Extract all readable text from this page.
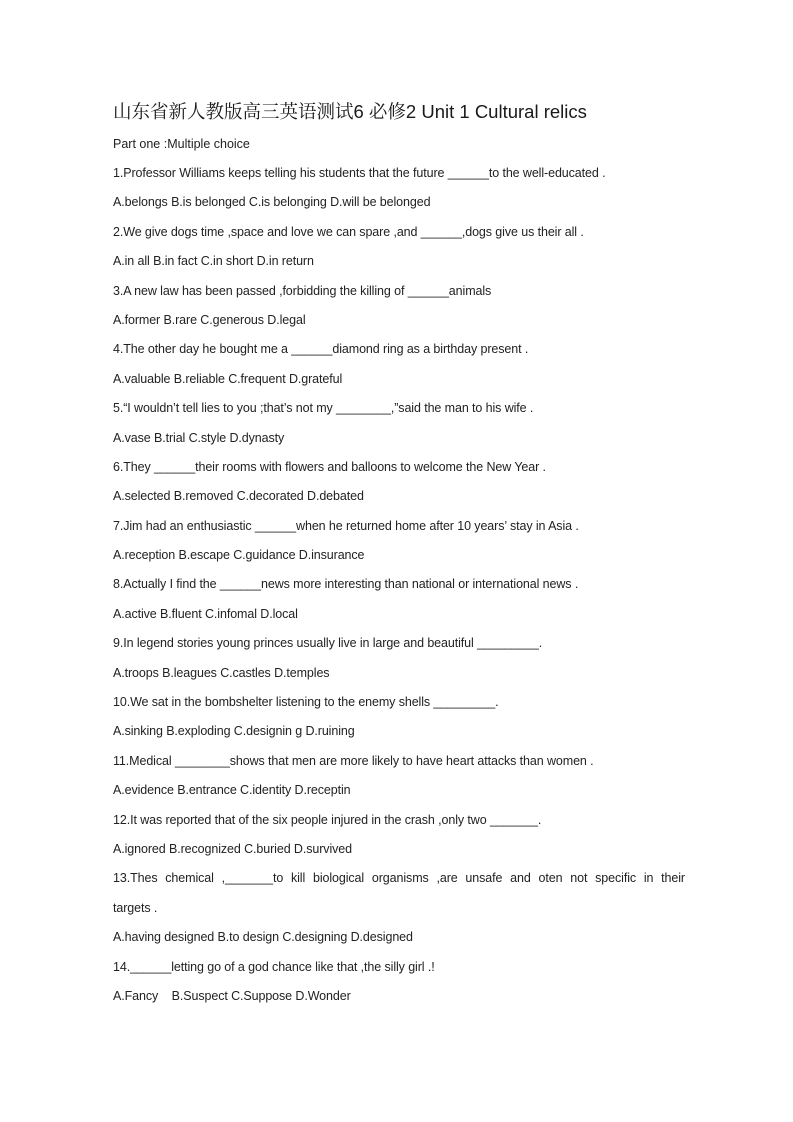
山东省新人教版高三英语测试6 必修2 Unit 1 Cultural relics
Part one :Multiple choice
1.Professor Williams keeps telling his students that the future ______to the well-educated .
A.belongs B.is belonged C.is belonging D.will be belonged
2.We give dogs time ,space and love we can spare ,and ______,dogs give us their all .
A.in all B.in fact C.in short D.in return
3.A new law has been passed ,forbidding the killing of ______animals
A.former B.rare C.generous D.legal
4.The other day he bought me a ______diamond ring as a birthday present .
A.valuable B.reliable C.frequent D.grateful
5.“I wouldn’t tell lies to you ;that’s not my ________,”said the man to his wife .
A.vase B.trial C.style D.dynasty
6.They ______their rooms with flowers and balloons to welcome the New Year .
A.selected B.removed C.decorated D.debated
7.Jim had an enthusiastic ______when he returned home after 10 years’ stay in Asia .
A.reception B.escape C.guidance D.insurance
8.Actually I find the ______news more interesting than national or international news .
A.active B.fluent C.infomal D.local
9.In legend stories young princes usually live in large and beautiful _________.
A.troops B.leagues C.castles D.temples
10.We sat in the bombshelter listening to the enemy shells _________.
A.sinking B.exploding C.designin g D.ruining
11.Medical ________shows that men are more likely to have heart attacks than women .
A.evidence B.entrance C.identity D.receptin
12.It was reported that of the six people injured in the crash ,only two _______.
A.ignored B.recognized C.buried D.survived
13.Thes chemical ,_______to kill biological organisms ,are unsafe and oten not specific in their
targets .
A.having designed B.to design C.designing D.designed
14.______letting go of a god chance like that ,the silly girl .!
A.Fancy    B.Suspect C.Suppose D.Wonder
